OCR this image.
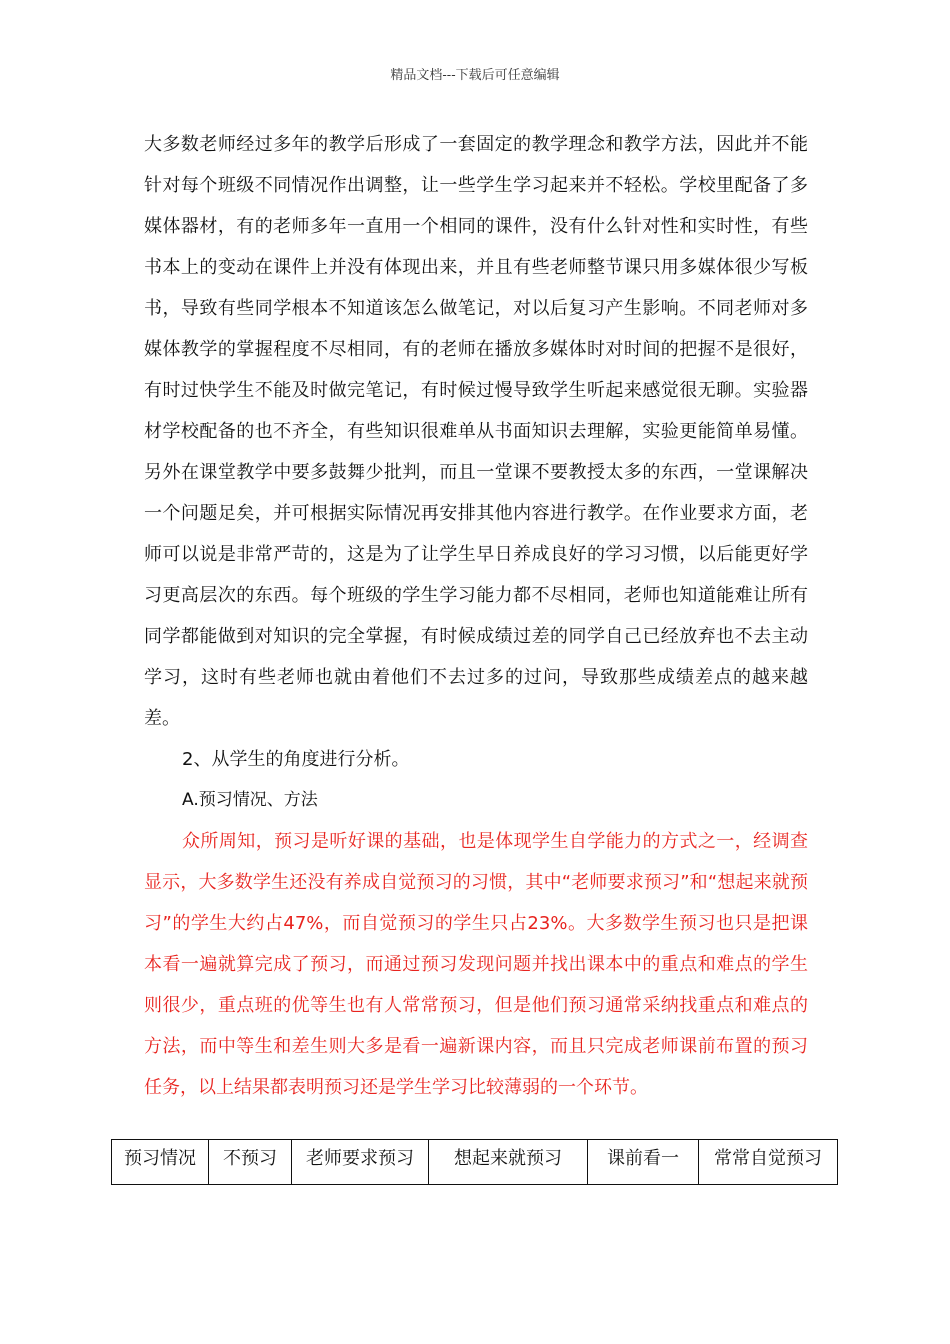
精品文档---下载后可任意编辑

大多数老师经过多年的教学后形成了一套固定的教学理念和教学方法，因此并不能针对每个班级不同情况作出调整，让一些学生学习起来并不轻松。学校里配备了多媒体器材，有的老师多年一直用一个相同的课件，没有什么针对性和实时性，有些书本上的变动在课件上并没有体现出来，并且有些老师整节课只用多媒体很少写板书，导致有些同学根本不知道该怎么做笔记，对以后复习产生影响。不同老师对多媒体教学的掌握程度不尽相同，有的老师在播放多媒体时对时间的把握不是很好，有时过快学生不能及时做完笔记，有时候过慢导致学生听起来感觉很无聊。实验器材学校配备的也不齐全，有些知识很难单从书面知识去理解，实验更能简单易懂。另外在课堂教学中要多鼓舞少批判，而且一堂课不要教授太多的东西，一堂课解决一个问题足矣，并可根据实际情况再安排其他内容进行教学。在作业要求方面，老师可以说是非常严苛的，这是为了让学生早日养成良好的学习习惯，以后能更好学习更高层次的东西。每个班级的学生学习能力都不尽相同，老师也知道能难让所有同学都能做到对知识的完全掌握，有时候成绩过差的同学自己已经放弃也不去主动学习，这时有些老师也就由着他们不去过多的过问，导致那些成绩差点的越来越差。

2、从学生的角度进行分析。

A.预习情况、方法

众所周知，预习是听好课的基础，也是体现学生自学能力的方式之一，经调查显示，大多数学生还没有养成自觉预习的习惯，其中“老师要求预习”和“想起来就预习”的学生大约占47%，而自觉预习的学生只占23%。大多数学生预习也只是把课本看一遍就算完成了预习，而通过预习发现问题并找出课本中的重点和难点的学生则很少，重点班的优等生也有人常常预习，但是他们预习通常采纳找重点和难点的方法，而中等生和差生则大多是看一遍新课内容，而且只完成老师课前布置的预习任务，以上结果都表明预习还是学生学习比较薄弱的一个环节。

预习情况	不预习	老师要求预习	想起来就预习	课前看一	常常自觉预习
